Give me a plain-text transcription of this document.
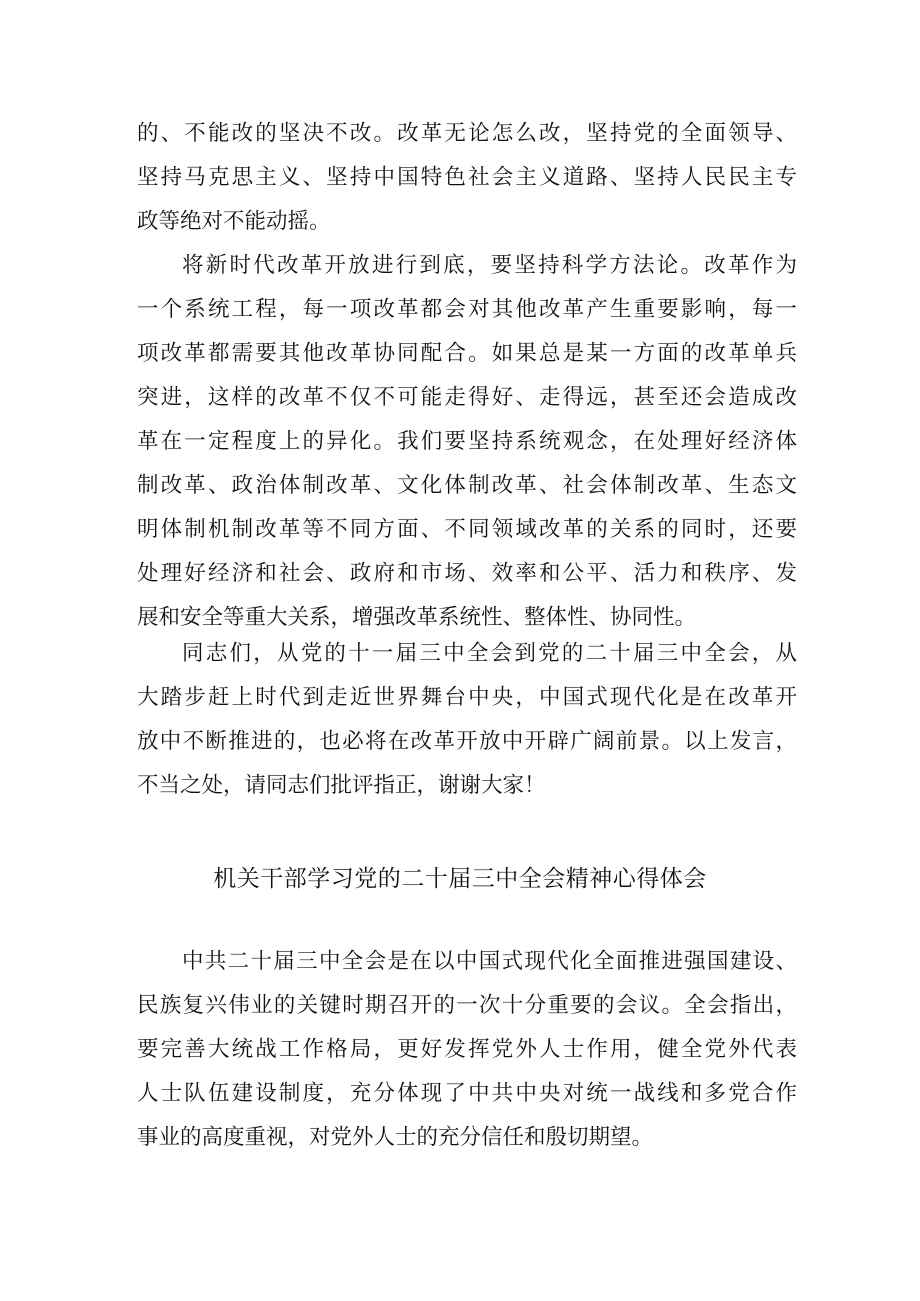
的、不能改的坚决不改。改革无论怎么改，坚持党的全面领导、
坚持马克思主义、坚持中国特色社会主义道路、坚持人民民主专
政等绝对不能动摇。
将新时代改革开放进行到底，要坚持科学方法论。改革作为
一个系统工程，每一项改革都会对其他改革产生重要影响，每一
项改革都需要其他改革协同配合。如果总是某一方面的改革单兵
突进，这样的改革不仅不可能走得好、走得远，甚至还会造成改
革在一定程度上的异化。我们要坚持系统观念，在处理好经济体
制改革、政治体制改革、文化体制改革、社会体制改革、生态文
明体制机制改革等不同方面、不同领域改革的关系的同时，还要
处理好经济和社会、政府和市场、效率和公平、活力和秩序、发
展和安全等重大关系，增强改革系统性、整体性、协同性。
同志们，从党的十一届三中全会到党的二十届三中全会，从
大踏步赶上时代到走近世界舞台中央，中国式现代化是在改革开
放中不断推进的，也必将在改革开放中开辟广阔前景。以上发言，
不当之处，请同志们批评指正，谢谢大家！
机关干部学习党的二十届三中全会精神心得体会
中共二十届三中全会是在以中国式现代化全面推进强国建设、
民族复兴伟业的关键时期召开的一次十分重要的会议。全会指出，
要完善大统战工作格局，更好发挥党外人士作用，健全党外代表
人士队伍建设制度，充分体现了中共中央对统一战线和多党合作
事业的高度重视，对党外人士的充分信任和殷切期望。
